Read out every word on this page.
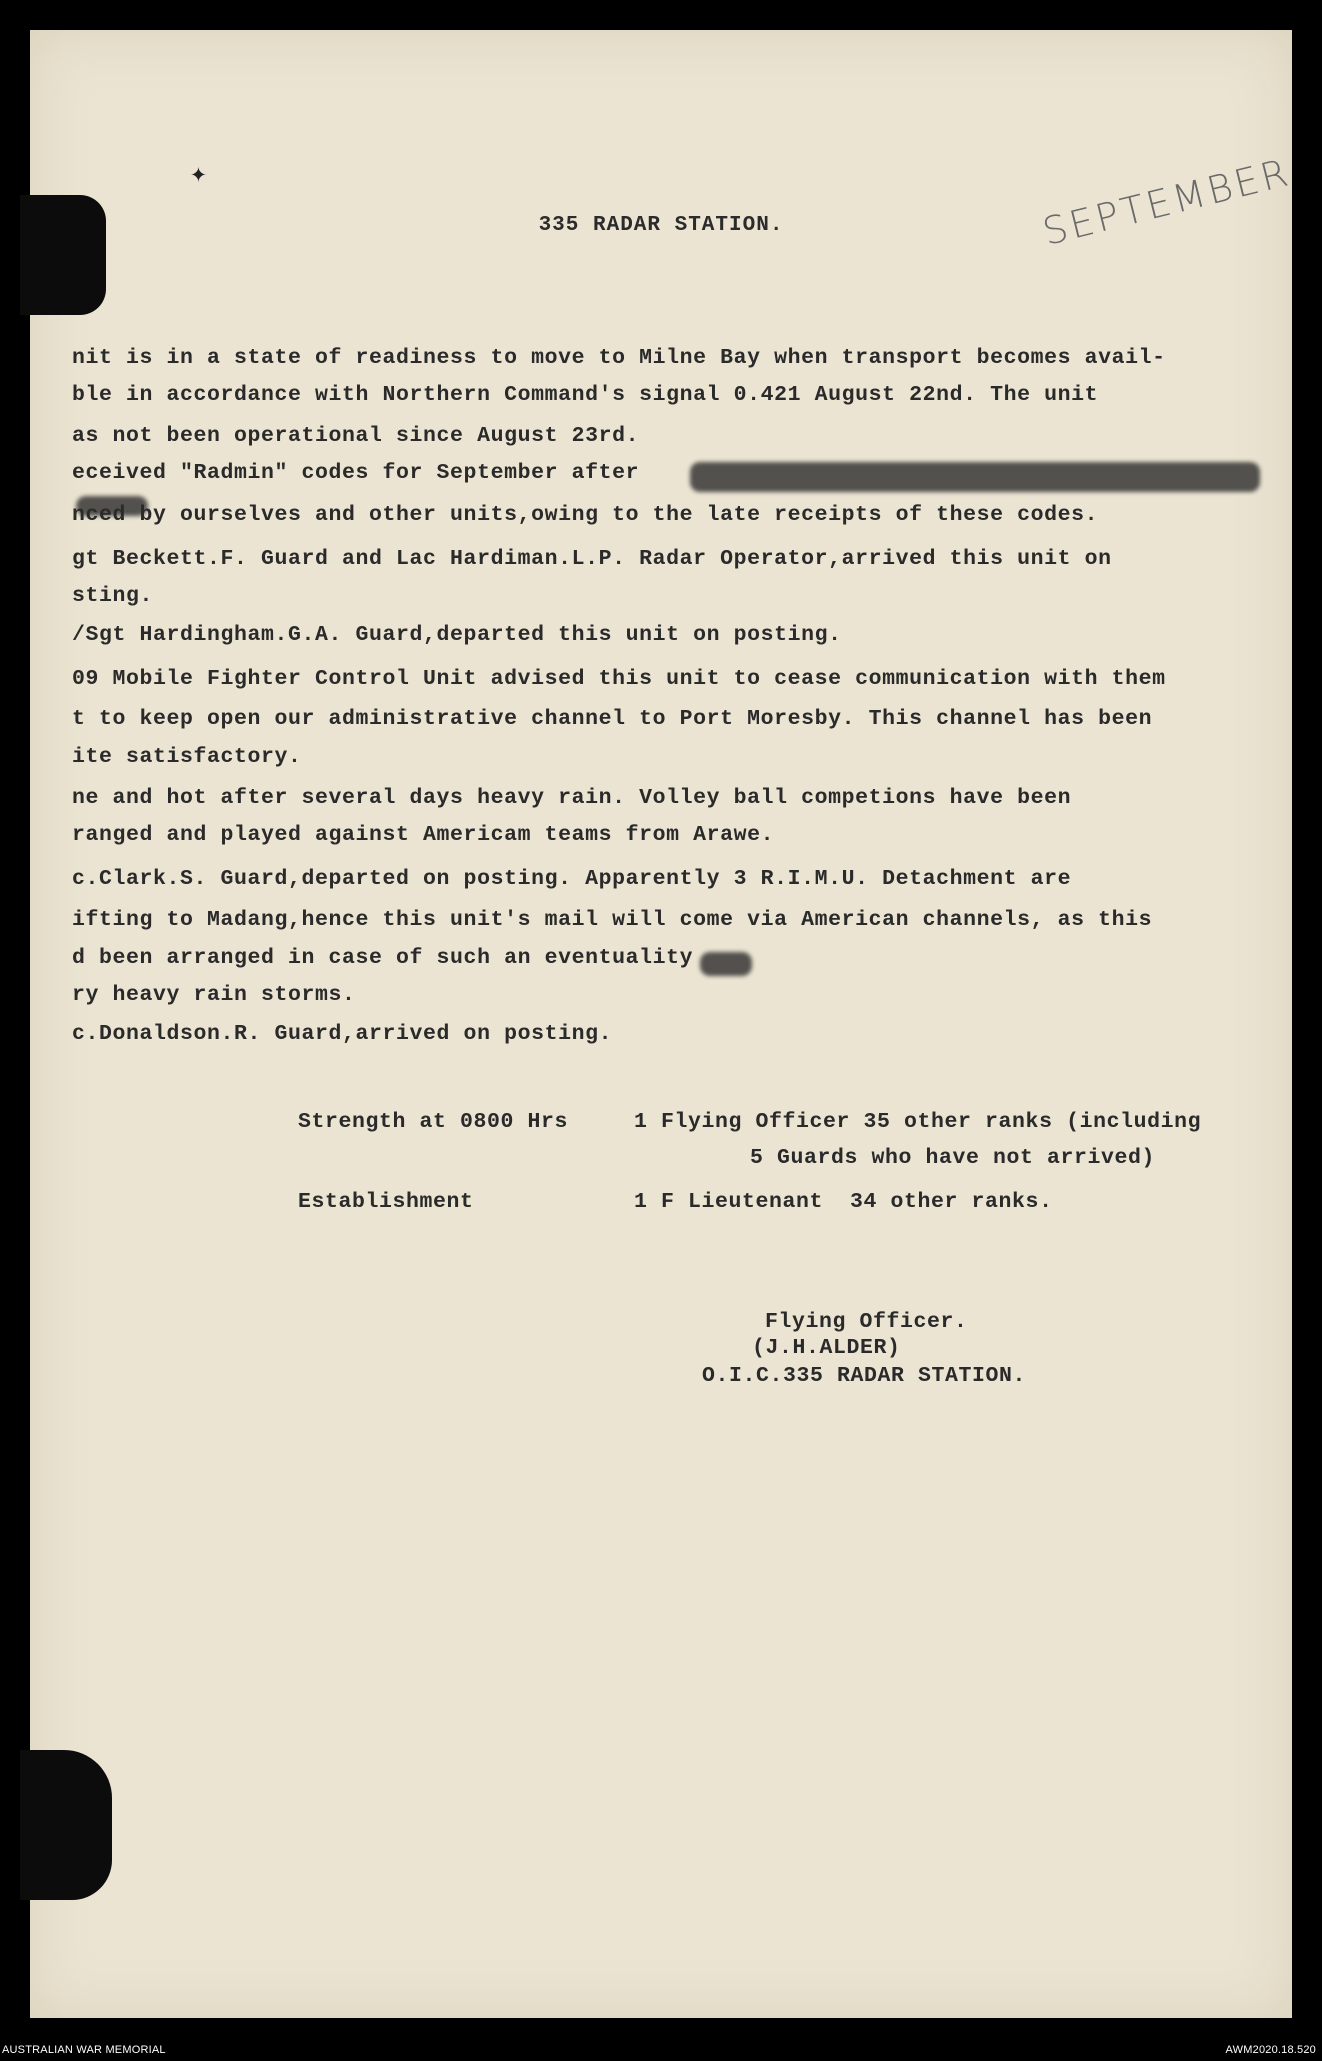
✦
335 RADAR STATION.	SEPTEMBER
nit is in a state of readiness to move to Milne Bay when transport becomes avail-
ble in accordance with Northern Command's signal 0.421 August 22nd. The unit
as not been operational since August 23rd.
eceived "Radmin" codes for September after
nced by ourselves and other units,owing to the late receipts of these codes.
gt Beckett.F. Guard and Lac Hardiman.L.P. Radar Operator,arrived this unit on
sting.
/Sgt Hardingham.G.A. Guard,departed this unit on posting.
09 Mobile Fighter Control Unit advised this unit to cease communication with them
t to keep open our administrative channel to Port Moresby. This channel has been
ite satisfactory.
ne and hot after several days heavy rain. Volley ball competions have been
ranged and played against Americam teams from Arawe.
c.Clark.S. Guard,departed on posting. Apparently 3 R.I.M.U. Detachment are
ifting to Madang,hence this unit's mail will come via American channels, as this
d been arranged in case of such an eventuality
ry heavy rain storms.
c.Donaldson.R. Guard,arrived on posting.
Strength at 0800 Hrs	1 Flying Officer 35 other ranks (including
5 Guards who have not arrived)
Establishment	1 F Lieutenant  34 other ranks.
Flying Officer.
(J.H.ALDER)
O.I.C.335 RADAR STATION.
AUSTRALIAN WAR MEMORIAL	AWM2020.18.520
